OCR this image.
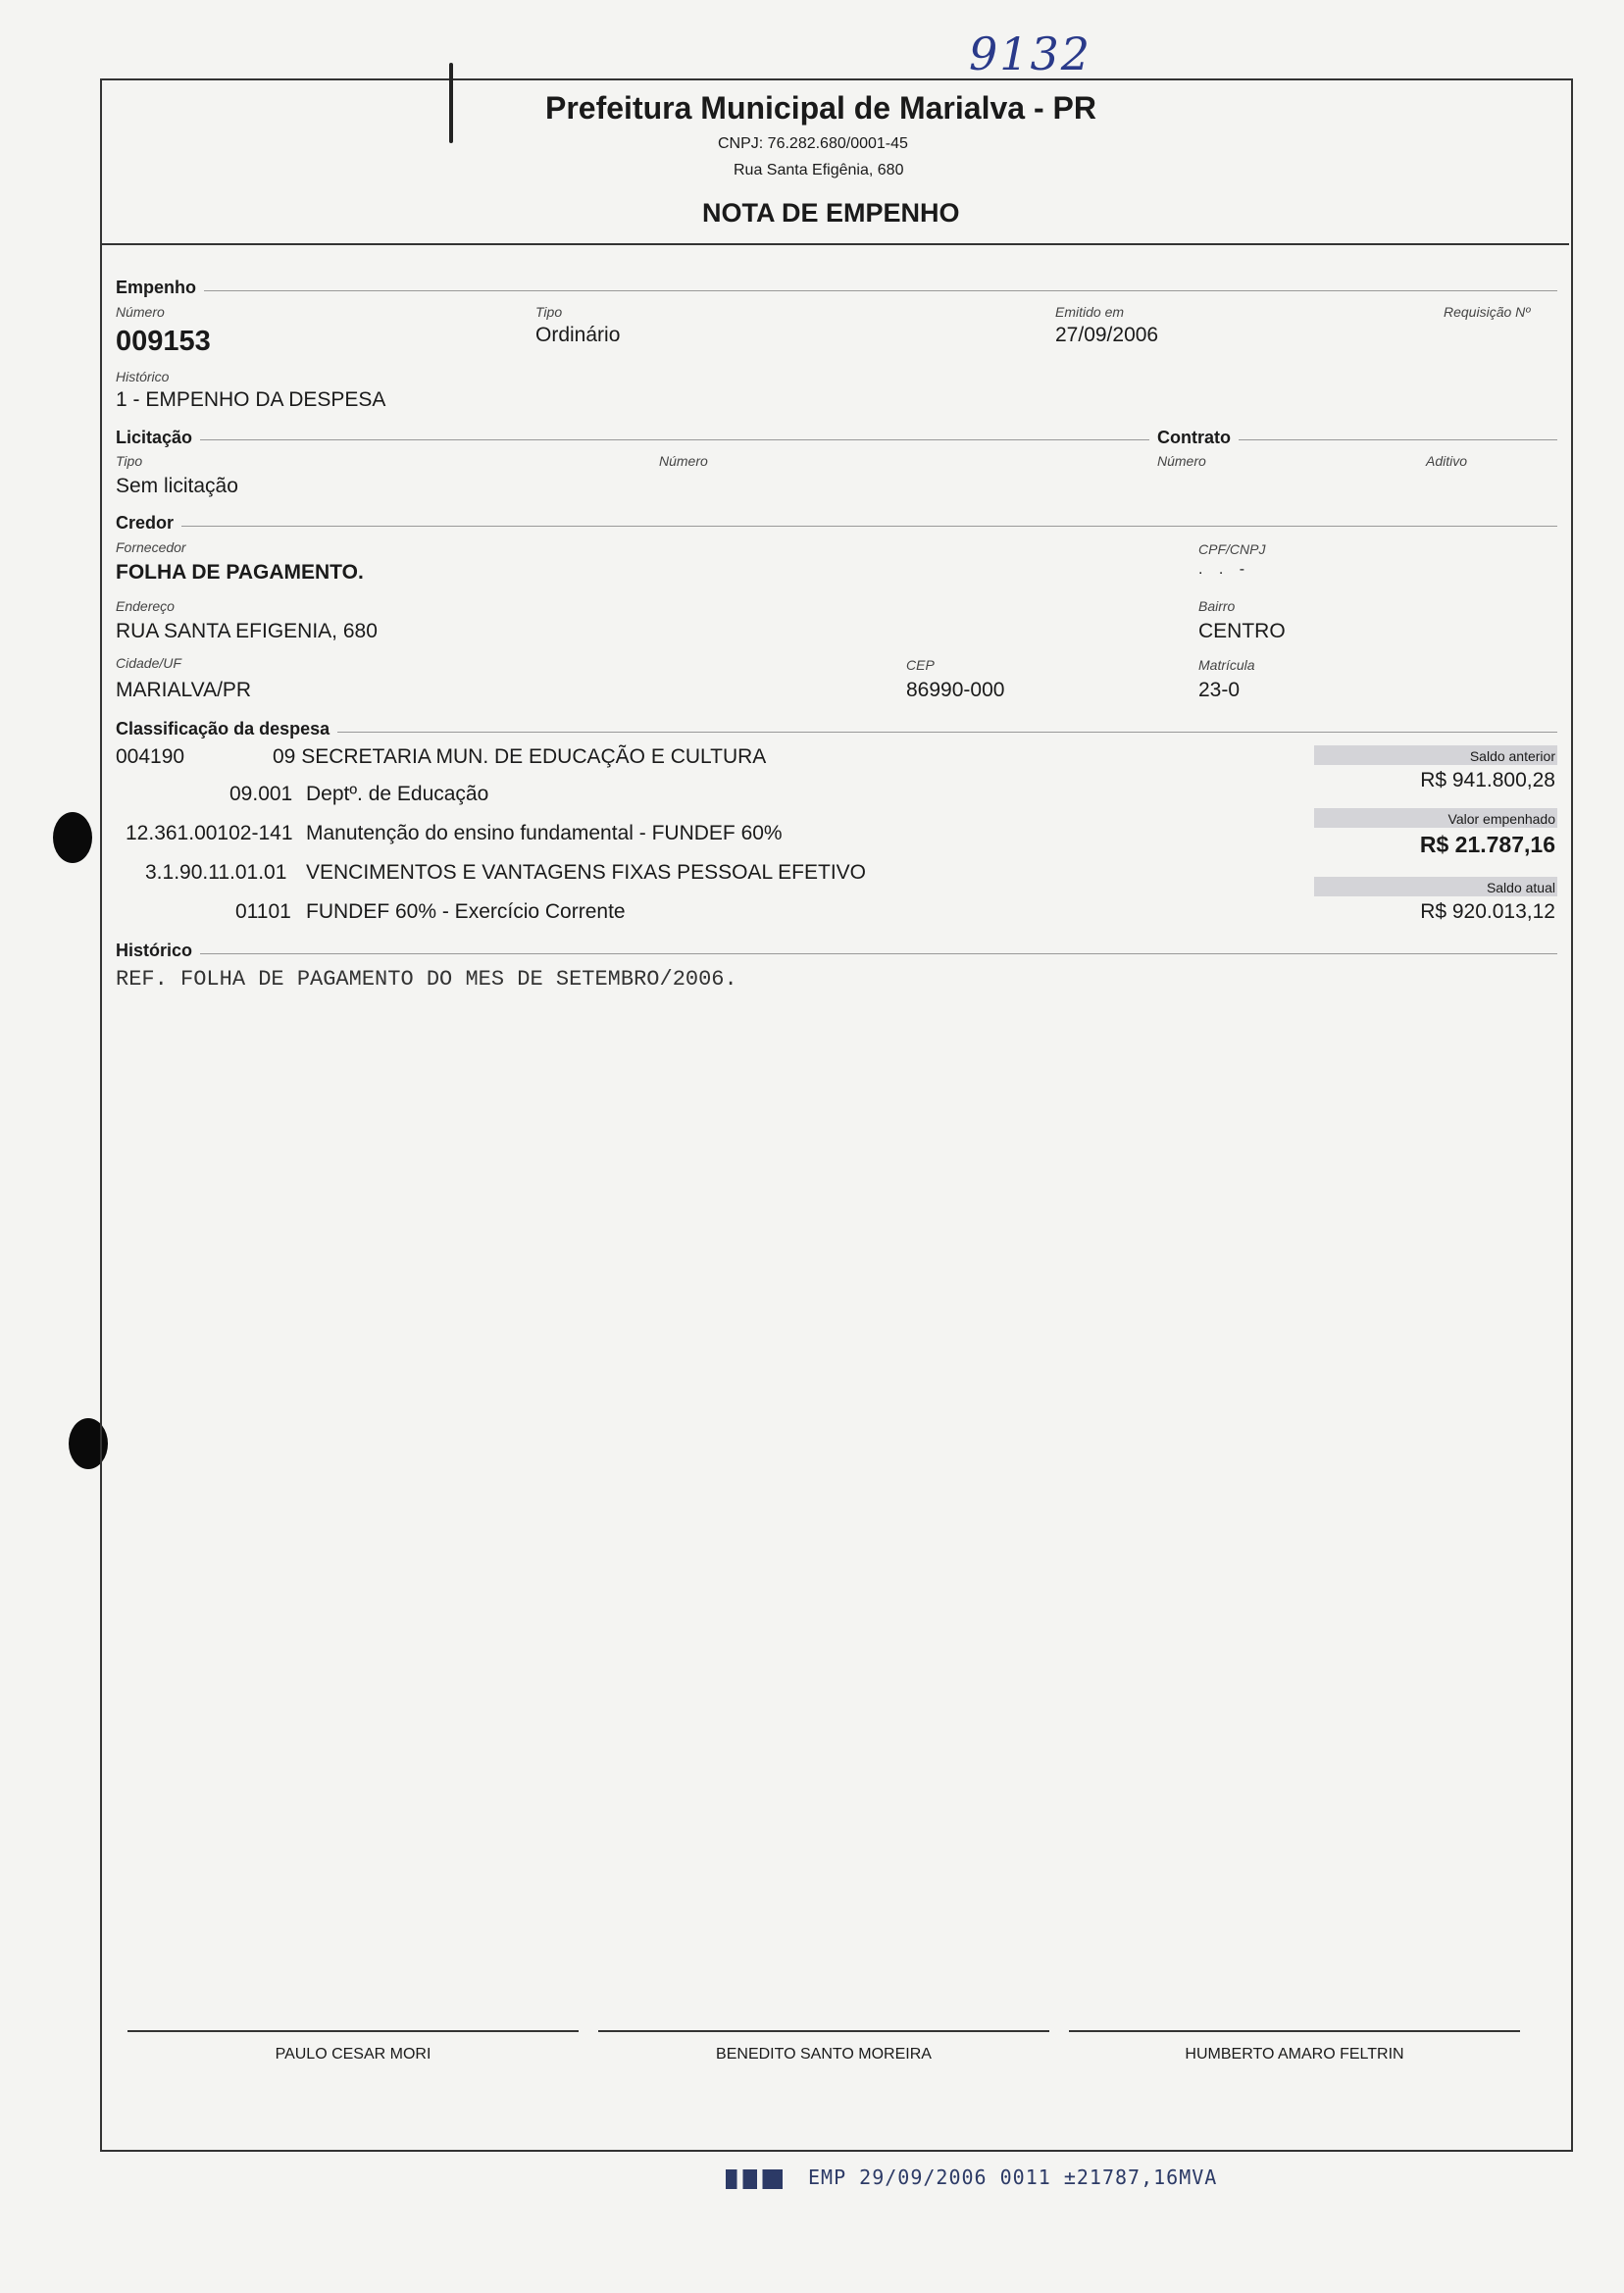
9132
Prefeitura Municipal de Marialva - PR
CNPJ: 76.282.680/0001-45
Rua Santa Efigênia, 680
NOTA DE EMPENHO
Empenho
Número
009153
Tipo
Ordinário
Emitido em
27/09/2006
Requisição Nº
Histórico
1 - EMPENHO DA DESPESA
Licitação	Contrato
Tipo
Sem licitação
Número	Número	Aditivo
Credor
Fornecedor
FOLHA DE PAGAMENTO.
CPF/CNPJ
. . -
Endereço
RUA SANTA EFIGENIA, 680
Bairro
CENTRO
Cidade/UF
MARIALVA/PR
CEP
86990-000
Matrícula
23-0
Classificação da despesa
004190	09 SECRETARIA MUN. DE EDUCAÇÃO E CULTURA
09.001 Deptº. de Educação
12.361.00102-141 Manutenção do ensino fundamental - FUNDEF 60%
3.1.90.11.01.01 VENCIMENTOS E VANTAGENS FIXAS PESSOAL EFETIVO
01101 FUNDEF 60% - Exercício Corrente
Saldo anterior
R$ 941.800,28
Valor empenhado
R$ 21.787,16
Saldo atual
R$ 920.013,12
Histórico
REF. FOLHA DE PAGAMENTO DO MES DE SETEMBRO/2006.
PAULO CESAR MORI	BENEDITO SANTO MOREIRA	HUMBERTO AMARO FELTRIN
EMP 29/09/2006 0011 ±21787,16MVA
